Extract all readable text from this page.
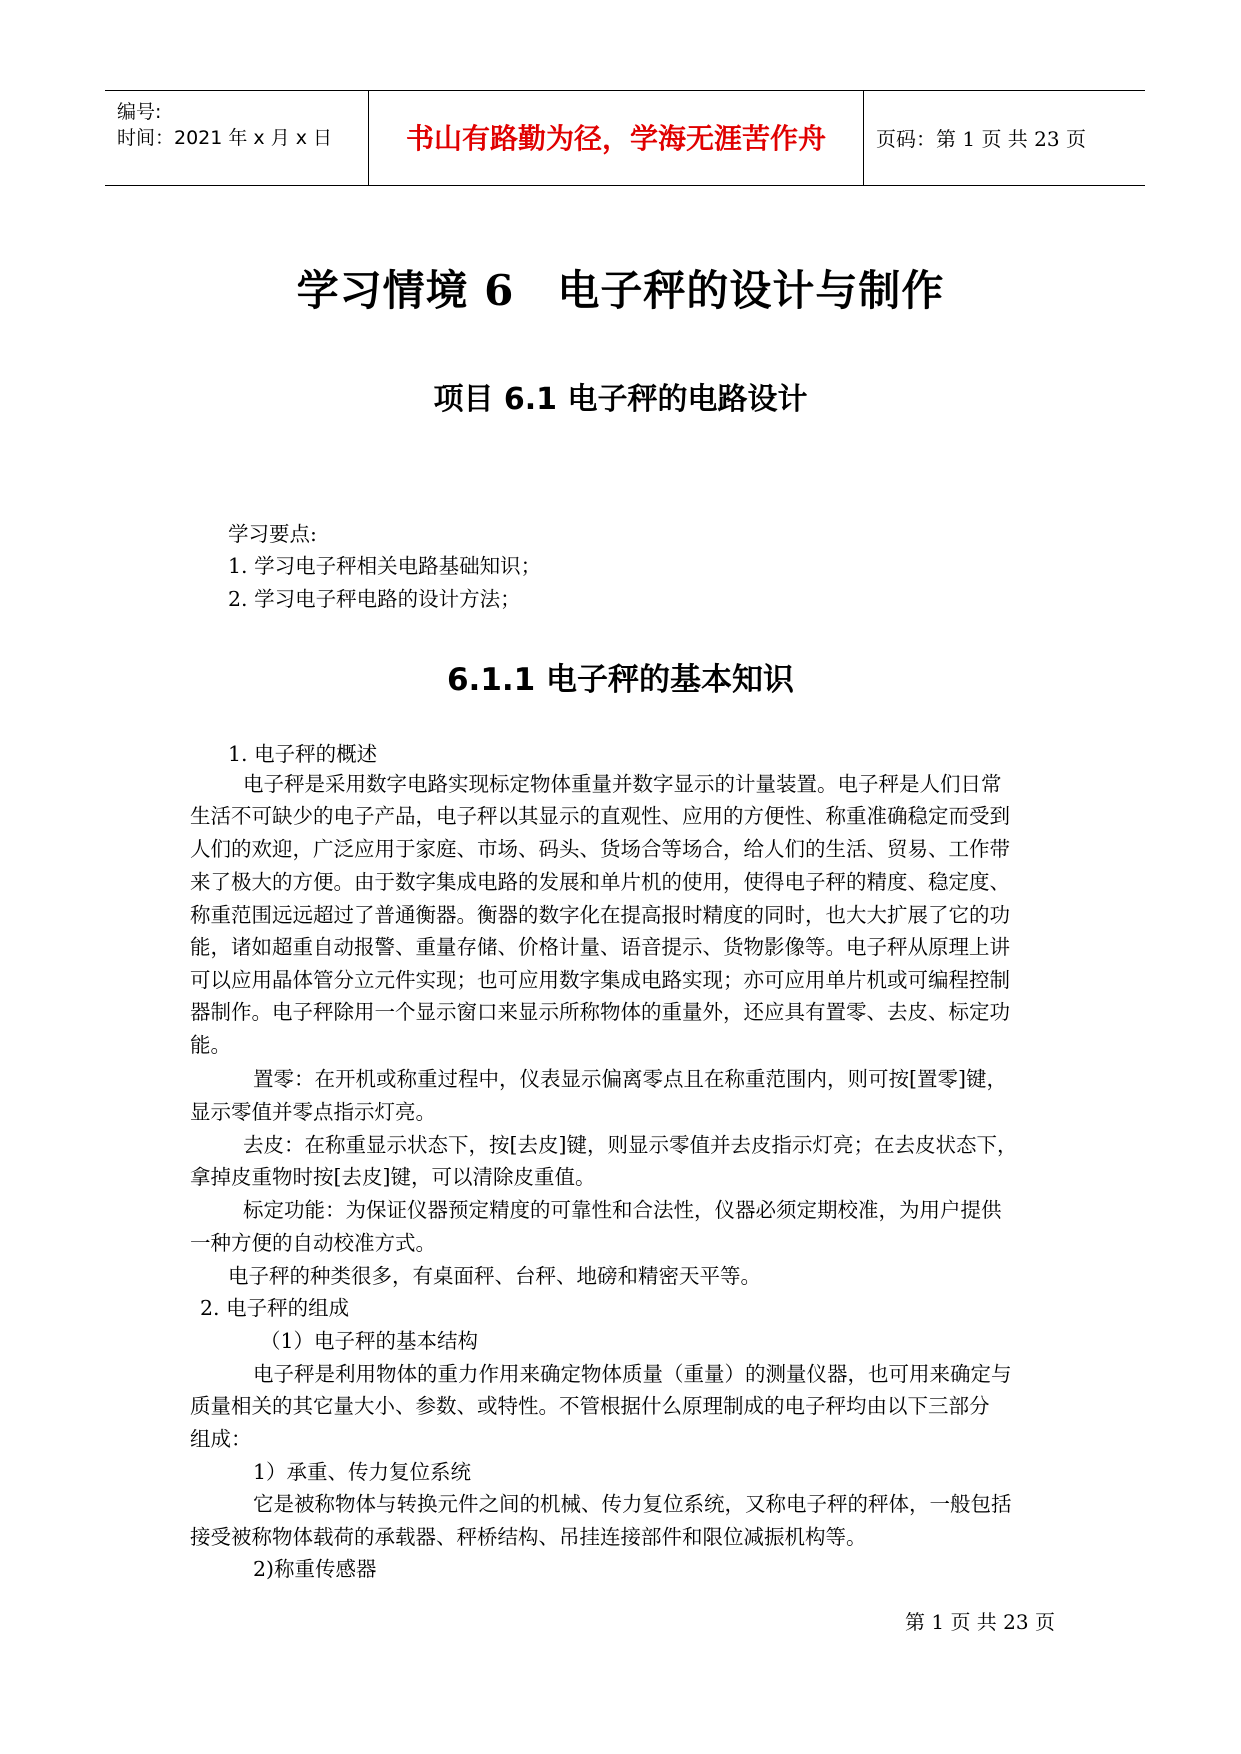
编号:
时间：2021 年 x 月 x 日	书山有路勤为径，学海无涯苦作舟	页码：第 1 页 共 23 页
学习情境 6　电子秤的设计与制作
项目 6.1 电子秤的电路设计
学习要点:
1. 学习电子秤相关电路基础知识；
2. 学习电子秤电路的设计方法；
6.1.1 电子秤的基本知识
1. 电子秤的概述
电子秤是采用数字电路实现标定物体重量并数字显示的计量装置。电子秤是人们日常
生活不可缺少的电子产品，电子秤以其显示的直观性、应用的方便性、称重准确稳定而受到
人们的欢迎，广泛应用于家庭、市场、码头、货场合等场合，给人们的生活、贸易、工作带
来了极大的方便。由于数字集成电路的发展和单片机的使用，使得电子秤的精度、稳定度、
称重范围远远超过了普通衡器。衡器的数字化在提高报时精度的同时，也大大扩展了它的功
能，诸如超重自动报警、重量存储、价格计量、语音提示、货物影像等。电子秤从原理上讲
可以应用晶体管分立元件实现；也可应用数字集成电路实现；亦可应用单片机或可编程控制
器制作。电子秤除用一个显示窗口来显示所称物体的重量外，还应具有置零、去皮、标定功
能。
置零：在开机或称重过程中，仪表显示偏离零点且在称重范围内，则可按[置零]键，
显示零值并零点指示灯亮。
去皮：在称重显示状态下，按[去皮]键，则显示零值并去皮指示灯亮；在去皮状态下，
拿掉皮重物时按[去皮]键，可以清除皮重值。
标定功能：为保证仪器预定精度的可靠性和合法性，仪器必须定期校准，为用户提供
一种方便的自动校准方式。
电子秤的种类很多，有桌面秤、台秤、地磅和精密天平等。
2. 电子秤的组成
（1）电子秤的基本结构
电子秤是利用物体的重力作用来确定物体质量（重量）的测量仪器，也可用来确定与
质量相关的其它量大小、参数、或特性。不管根据什么原理制成的电子秤均由以下三部分
组成：
1）承重、传力复位系统
它是被称物体与转换元件之间的机械、传力复位系统，又称电子秤的秤体，一般包括
接受被称物体载荷的承载器、秤桥结构、吊挂连接部件和限位减振机构等。
2)称重传感器
第 1 页 共 23 页
